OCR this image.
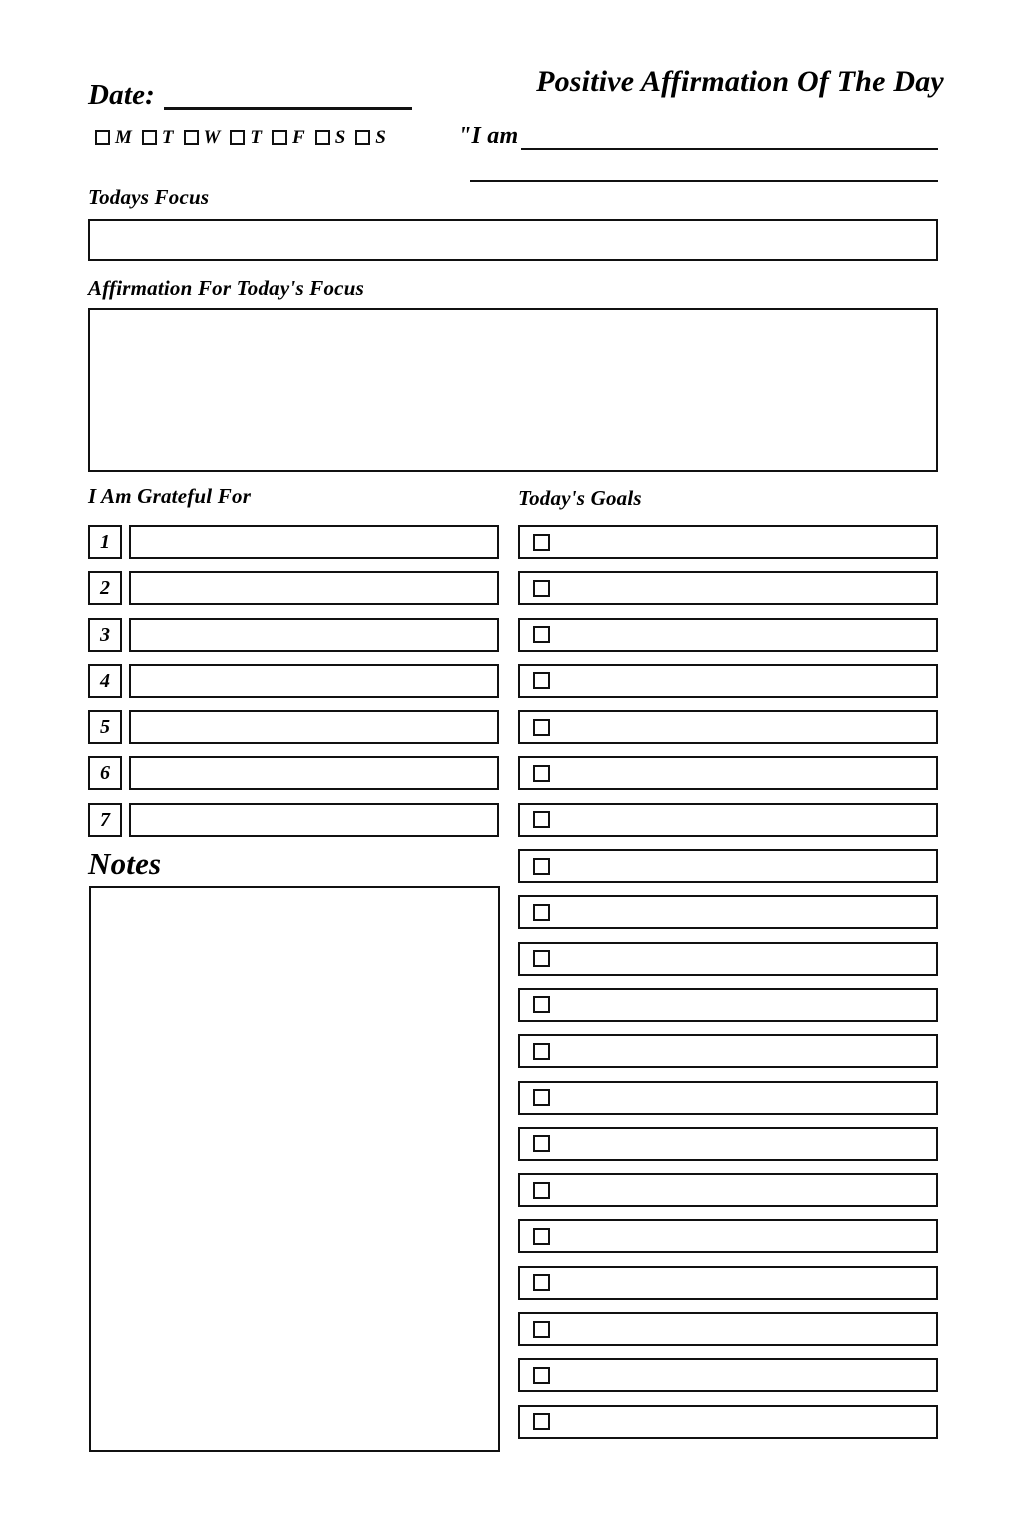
Date:
M T W T F S S
Positive Affirmation Of The Day
"I am
Todays Focus
Affirmation For Today's Focus
I Am Grateful For
1
2
3
4
5
6
7
Today's Goals
Notes
